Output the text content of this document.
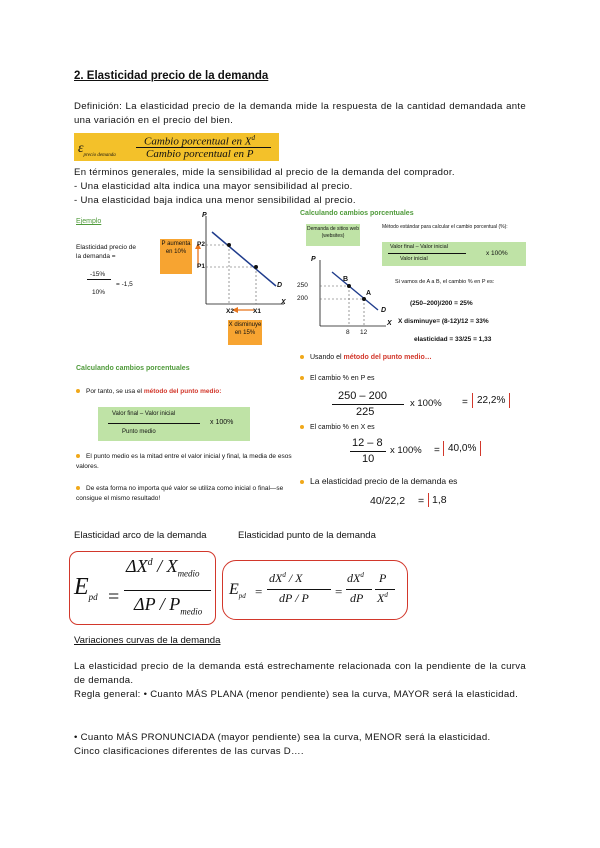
2. Elasticidad precio de la demanda
Definición: La elasticidad precio de la demanda mide la respuesta de la cantidad demandada ante una variación en el precio del bien.
$\varepsilon_{precio demanda}$
Cambio porcentual en $X^d$
Cambio porcentual en P
En términos generales, mide la sensibilidad al precio de la demanda del comprador.
- Una elasticidad alta indica una mayor sensibilidad al precio.
- Una elasticidad baja indica una menor sensibilidad al precio.
Ejemplo
Elasticidad precio de la demanda =
-15%
10%
= -1,5
P aumenta en 10%
X disminuye en 15%
P
X
P2
P1
X2	X1
D
Calculando cambios porcentuales
Por tanto, se usa el método del punto medio:
Valor final – Valor inicial
Punto medio
x 100%
El punto medio es la mitad entre el valor inicial y final, la media de esos valores.
De esta forma no importa qué valor se utiliza como inicial o final—se consigue el mismo resultado!
Calculando cambios porcentuales
Demanda de sitios web (websites)
Método estándar para calcular el cambio porcentual (%):
Valor final – Valor inicial
Valor inicial
x 100%
P
X
250
200
8 12
B
A
D
Si vamos de A a B, el cambio % en P es:
(250–200)/200 = 25%
X disminuye= (8-12)/12 = 33%
elasticidad = 33/25 = 1,33
Usando el método del punto medio…
El cambio % en P es
250 – 200
225
x 100% = 22,2%
El cambio % en X es
12 – 8
10
x 100% = 40,0%
La elasticidad precio de la demanda es
40/22,2 = 1,8
Elasticidad arco de la demanda	Elasticidad punto de la demanda
$E_{pd}$ =
$\Delta X^d / X_{medio}$
ΔP / $P_{medio}$
$E_{pd}$ =
$dX^d$ / X
dP / P =
$dX^d$
dP
P
$X^d$
Variaciones curvas de la demanda
La elasticidad precio de la demanda está estrechamente relacionada con la pendiente de la curva de demanda.
Regla general: • Cuanto MÁS PLANA (menor pendiente) sea la curva, MAYOR será la elasticidad.
• Cuanto MÁS PRONUNCIADA (mayor pendiente) sea la curva, MENOR será la elasticidad.
Cinco clasificaciones diferentes de las curvas D….
